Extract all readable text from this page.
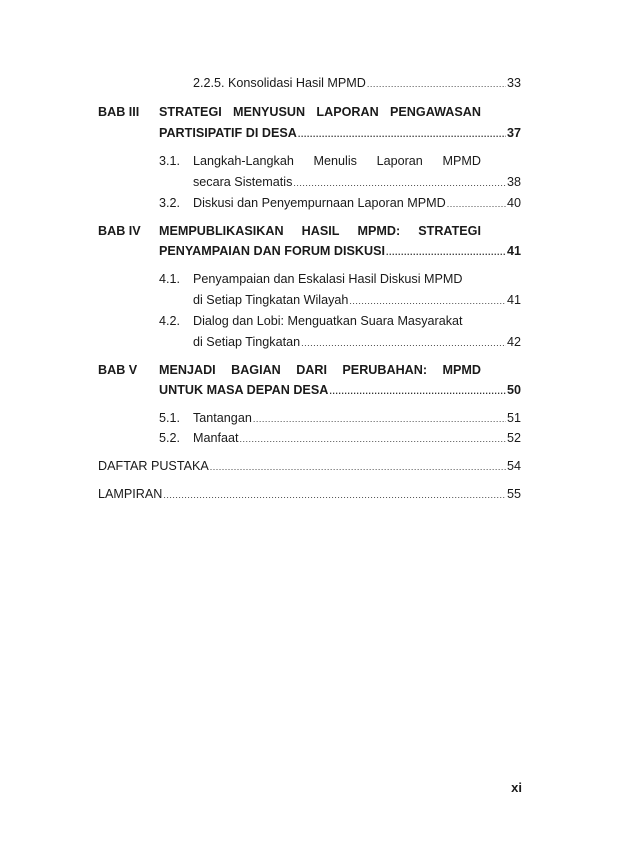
2.2.5.
Konsolidasi Hasil MPMD .....	33
BAB III STRATEGI MENYUSUN LAPORAN PENGAWASAN
PARTISIPATIF DI DESA .....	37
3.1. Langkah-Langkah Menulis Laporan MPMD
secara Sistematis .....	38
3.2. Diskusi dan Penyempurnaan Laporan MPMD .....	40
BAB IV MEMPUBLIKASIKAN HASIL MPMD: STRATEGI
PENYAMPAIAN DAN FORUM DISKUSI .....	41
4.1. Penyampaian dan Eskalasi Hasil Diskusi MPMD
di Setiap Tingkatan Wilayah .....	41
4.2. Dialog dan Lobi: Menguatkan Suara Masyarakat
di Setiap Tingkatan .....	42
BAB V MENJADI BAGIAN DARI PERUBAHAN: MPMD
UNTUK MASA DEPAN DESA .....	50
5.1. Tantangan .....	51
5.2. Manfaat .....	52
DAFTAR PUSTAKA .....	54
LAMPIRAN .....	55
xi
